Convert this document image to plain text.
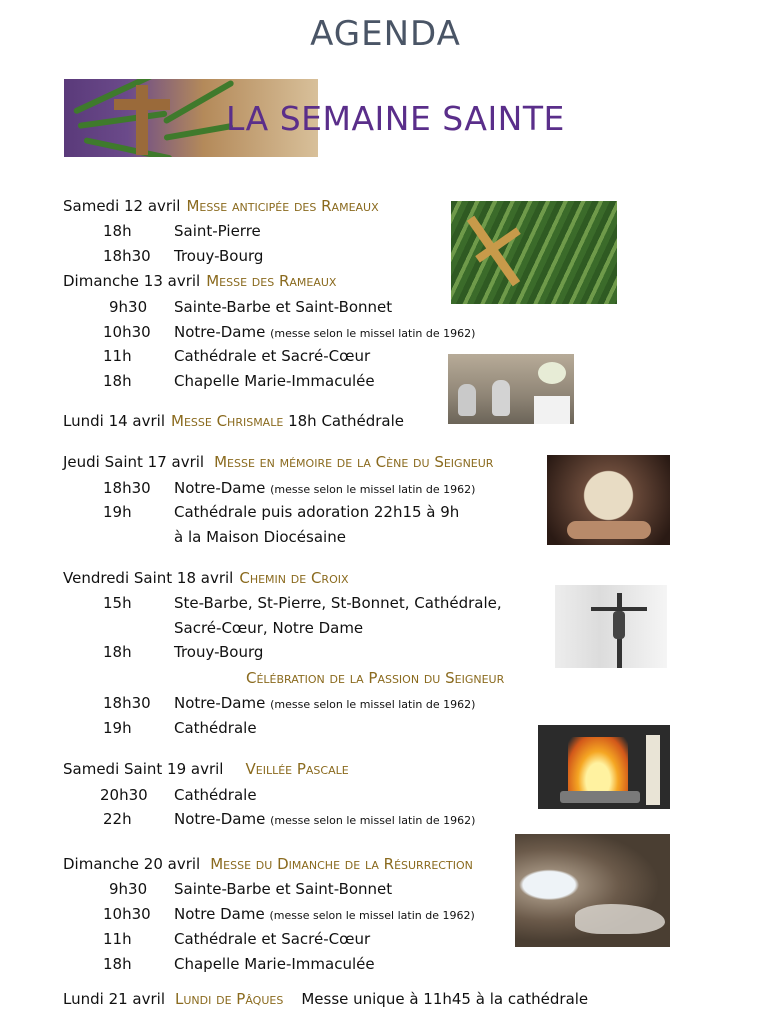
AGENDA
LA SEMAINE SAINTE
Samedi 12 avril Messe anticipée des Rameaux
18h	Saint-Pierre
18h30 Trouy-Bourg
Dimanche 13 avril Messe des Rameaux
9h30 Sainte-Barbe et Saint-Bonnet
10h30 Notre-Dame (messe selon le missel latin de 1962)
11h	Cathédrale et Sacré-Cœur
18h	Chapelle Marie-Immaculée
Lundi 14 avril Messe Chrismale 18h Cathédrale
Jeudi Saint 17 avril Messe en mémoire de la Cène du Seigneur
18h30 Notre-Dame (messe selon le missel latin de 1962)
19h	Cathédrale puis adoration 22h15 à 9h
à la Maison Diocésaine
Vendredi Saint 18 avril Chemin de Croix
15h	Ste-Barbe, St-Pierre, St-Bonnet, Cathédrale,
Sacré-Cœur, Notre Dame
18h	Trouy-Bourg
Célébration de la Passion du Seigneur
18h30 Notre-Dame (messe selon le missel latin de 1962)
19h	Cathédrale
Samedi Saint 19 avril Veillée Pascale
20h30 Cathédrale
22h	Notre-Dame (messe selon le missel latin de 1962)
Dimanche 20 avril Messe du Dimanche de la Résurrection
9h30 Sainte-Barbe et Saint-Bonnet
10h30 Notre Dame (messe selon le missel latin de 1962)
11h	Cathédrale et Sacré-Cœur
18h	Chapelle Marie-Immaculée
Lundi 21 avril Lundi de Pâques Messe unique à 11h45 à la cathédrale
